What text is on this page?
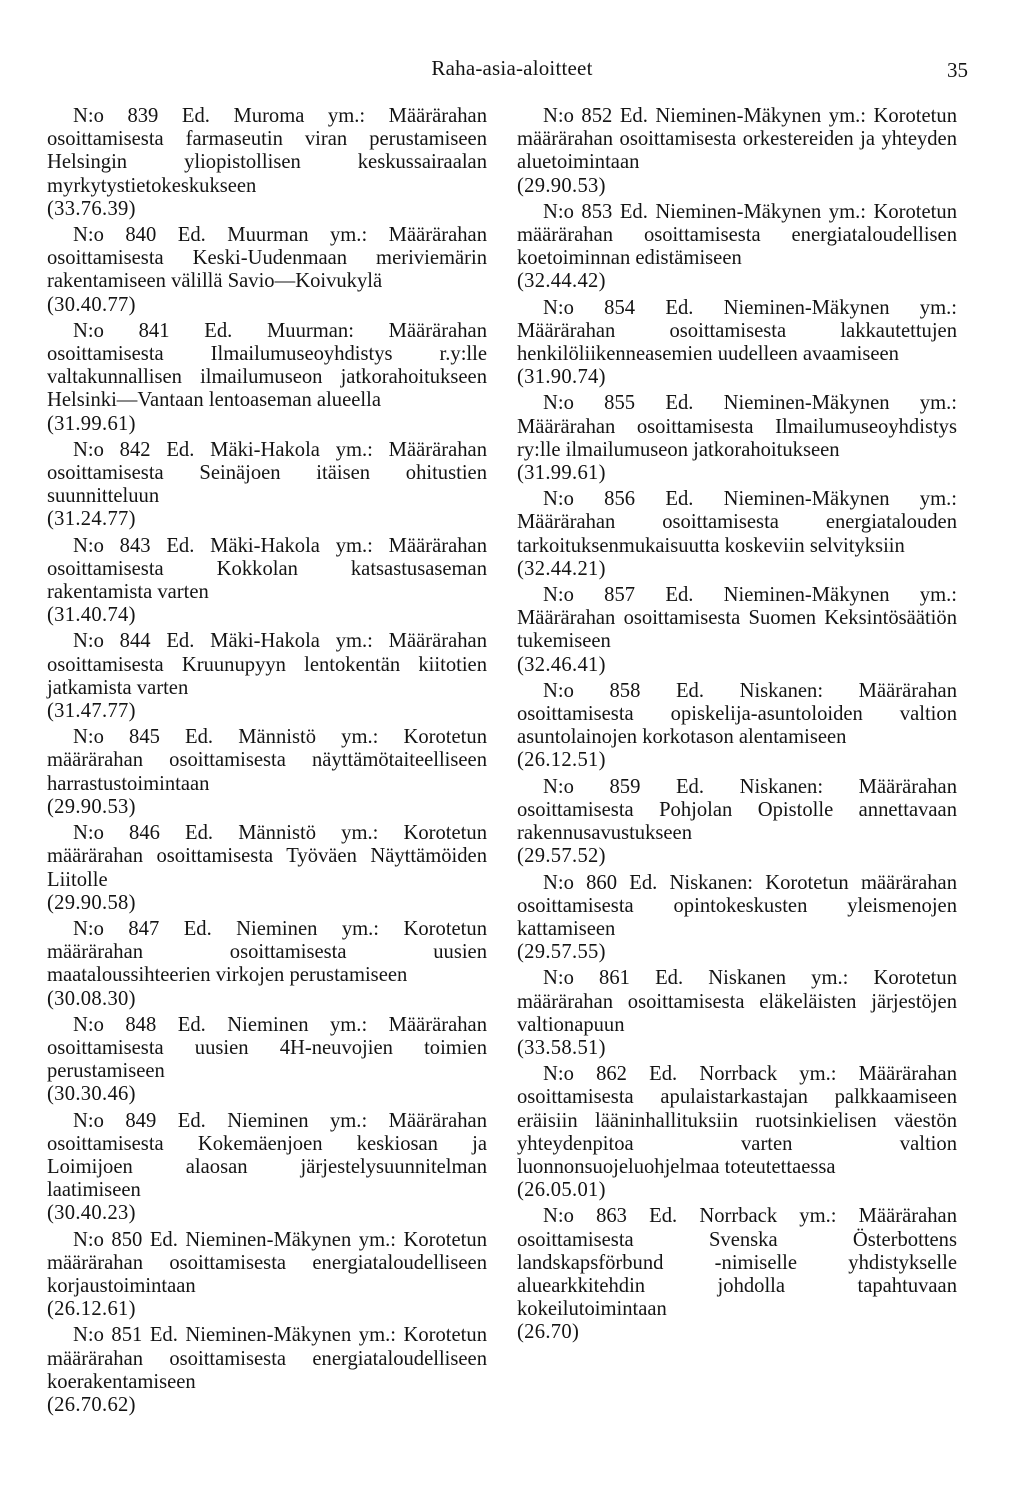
Raha-asia-aloitteet	35
N:o 839 Ed. Muroma ym.: Määrärahan osoittamisesta farmaseutin viran perustamiseen Helsingin yliopistollisen keskussairaalan myrkytystietokeskukseen
(33.76.39)
N:o 840 Ed. Muurman ym.: Määrärahan osoittamisesta Keski-Uudenmaan meriviemärin rakentamiseen välillä Savio—Koivukylä
(30.40.77)
N:o 841 Ed. Muurman: Määrärahan osoittamisesta Ilmailumuseoyhdistys r.y:lle valtakunnallisen ilmailumuseon jatkorahoitukseen Helsinki—Vantaan lentoaseman alueella
(31.99.61)
N:o 842 Ed. Mäki-Hakola ym.: Määrärahan osoittamisesta Seinäjoen itäisen ohitustien suunnitteluun
(31.24.77)
N:o 843 Ed. Mäki-Hakola ym.: Määrärahan osoittamisesta Kokkolan katsastusaseman rakentamista varten
(31.40.74)
N:o 844 Ed. Mäki-Hakola ym.: Määrärahan osoittamisesta Kruunupyyn lentokentän kiitotien jatkamista varten
(31.47.77)
N:o 845 Ed. Männistö ym.: Korotetun määrärahan osoittamisesta näyttämötaiteelliseen harrastustoimintaan
(29.90.53)
N:o 846 Ed. Männistö ym.: Korotetun määrärahan osoittamisesta Työväen Näyttämöiden Liitolle
(29.90.58)
N:o 847 Ed. Nieminen ym.: Korotetun määrärahan osoittamisesta uusien maataloussihteerien virkojen perustamiseen
(30.08.30)
N:o 848 Ed. Nieminen ym.: Määrärahan osoittamisesta uusien 4H-neuvojien toimien perustamiseen
(30.30.46)
N:o 849 Ed. Nieminen ym.: Määrärahan osoittamisesta Kokemäenjoen keskiosan ja Loimijoen alaosan järjestelysuunnitelman laatimiseen
(30.40.23)
N:o 850 Ed. Nieminen-Mäkynen ym.: Korotetun määrärahan osoittamisesta energiataloudelliseen korjaustoimintaan
(26.12.61)
N:o 851 Ed. Nieminen-Mäkynen ym.: Korotetun määrärahan osoittamisesta energiataloudelliseen koerakentamiseen
(26.70.62)
N:o 852 Ed. Nieminen-Mäkynen ym.: Korotetun määrärahan osoittamisesta orkestereiden ja yhteyden aluetoimintaan
(29.90.53)
N:o 853 Ed. Nieminen-Mäkynen ym.: Korotetun määrärahan osoittamisesta energiataloudellisen koetoiminnan edistämiseen
(32.44.42)
N:o 854 Ed. Nieminen-Mäkynen ym.: Määrärahan osoittamisesta lakkautettujen henkilöliikenneasemien uudelleen avaamiseen
(31.90.74)
N:o 855 Ed. Nieminen-Mäkynen ym.: Määrärahan osoittamisesta Ilmailumuseoyhdistys ry:lle ilmailumuseon jatkorahoitukseen
(31.99.61)
N:o 856 Ed. Nieminen-Mäkynen ym.: Määrärahan osoittamisesta energiatalouden tarkoituksenmukaisuutta koskeviin selvityksiin
(32.44.21)
N:o 857 Ed. Nieminen-Mäkynen ym.: Määrärahan osoittamisesta Suomen Keksintösäätiön tukemiseen
(32.46.41)
N:o 858 Ed. Niskanen: Määrärahan osoittamisesta opiskelija-asuntoloiden valtion asuntolainojen korkotason alentamiseen
(26.12.51)
N:o 859 Ed. Niskanen: Määrärahan osoittamisesta Pohjolan Opistolle annettavaan rakennusavustukseen
(29.57.52)
N:o 860 Ed. Niskanen: Korotetun määrärahan osoittamisesta opintokeskusten yleismenojen kattamiseen
(29.57.55)
N:o 861 Ed. Niskanen ym.: Korotetun määrärahan osoittamisesta eläkeläisten järjestöjen valtionapuun
(33.58.51)
N:o 862 Ed. Norrback ym.: Määrärahan osoittamisesta apulaistarkastajan palkkaamiseen eräisiin lääninhallituksiin ruotsinkielisen väestön yhteydenpitoa varten valtion luonnonsuojeluohjelmaa toteutettaessa
(26.05.01)
N:o 863 Ed. Norrback ym.: Määrärahan osoittamisesta Svenska Österbottens landskapsförbund -nimiselle yhdistykselle aluearkkitehdin johdolla tapahtuvaan kokeilutoimintaan
(26.70)
